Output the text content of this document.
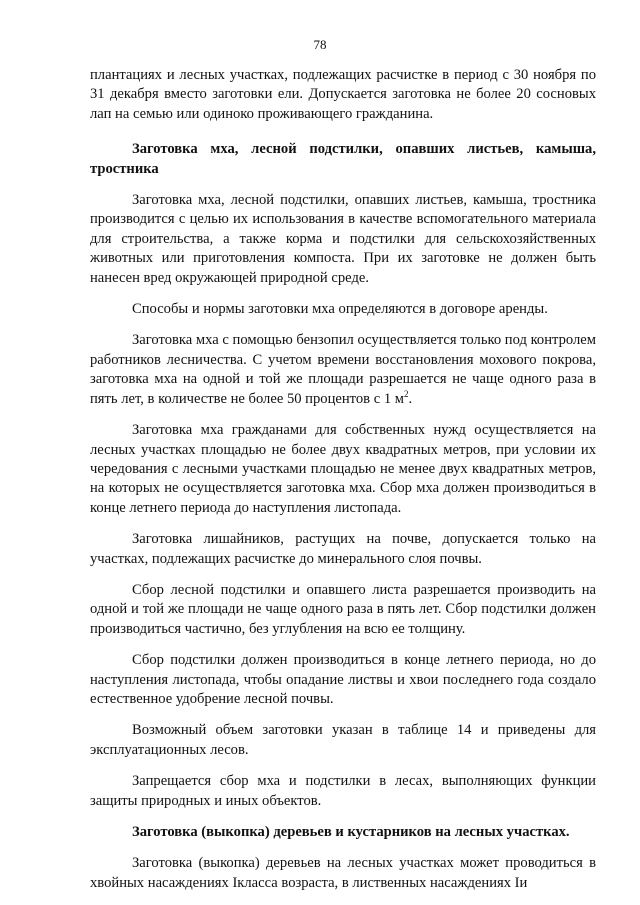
78

плантациях и лесных участках, подлежащих расчистке в период с 30 ноября по 31 декабря вместо заготовки ели. Допускается заготовка не более 20 сосновых лап на семью или одиноко проживающего гражданина.

Заготовка мха, лесной подстилки, опавших листьев, камыша, тростника

Заготовка мха, лесной подстилки, опавших листьев, камыша, тростника производится с целью их использования в качестве вспомогательного материала для строительства, а также корма и подстилки для сельскохозяйственных животных или приготовления компоста. При их заготовке не должен быть нанесен вред окружающей природной среде.

Способы и нормы заготовки мха определяются в договоре аренды.

Заготовка мха с помощью бензопил осуществляется только под контролем работников лесничества. С учетом времени восстановления мохового покрова, заготовка мха на одной и той же площади разрешается не чаще одного раза в пять лет, в количестве не более 50 процентов с 1 $м^2$.

Заготовка мха гражданами для собственных нужд осуществляется на лесных участках площадью не более двух квадратных метров, при условии их чередования с лесными участками площадью не менее двух квадратных метров, на которых не осуществляется заготовка мха. Сбор мха должен производиться в конце летнего периода до наступления листопада.

Заготовка лишайников, растущих на почве, допускается только на участках, подлежащих расчистке до минерального слоя почвы.

Сбор лесной подстилки и опавшего листа разрешается производить на одной и той же площади не чаще одного раза в пять лет. Сбор подстилки должен производиться частично, без углубления на всю ее толщину.

Сбор подстилки должен производиться в конце летнего периода, но до наступления листопада, чтобы опадание листвы и хвои последнего года создало естественное удобрение лесной почвы.

Возможный объем заготовки указан в таблице 14 и приведены для эксплуатационных лесов.

Запрещается сбор мха и подстилки в лесах, выполняющих функции защиты природных и иных объектов.

Заготовка (выкопка) деревьев и кустарников на лесных участках.

Заготовка (выкопка) деревьев на лесных участках может проводиться в хвойных насаждениях Iкласса возраста, в лиственных насаждениях Iи
